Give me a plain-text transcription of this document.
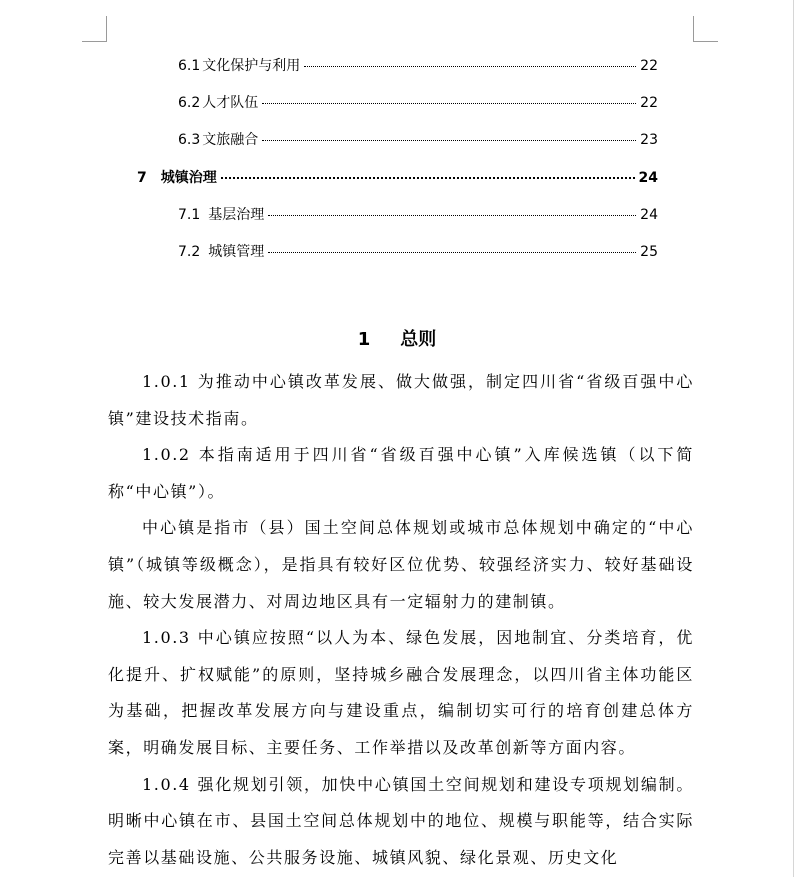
6.1 文化保护与利用	22
6.2 人才队伍	22
6.3 文旅融合	23
7 城镇治理	24
7.1 基层治理	24
7.2 城镇管理	25
1 总则

1.0.1 为推动中心镇改革发展、做大做强，制定四川省“省级百强中心镇”建设技术指南。

1.0.2 本指南适用于四川省“省级百强中心镇”入库候选镇（以下简称“中心镇”）。

中心镇是指市（县）国土空间总体规划或城市总体规划中确定的“中心镇”（城镇等级概念），是指具有较好区位优势、较强经济实力、较好基础设施、较大发展潜力、对周边地区具有一定辐射力的建制镇。

1.0.3 中心镇应按照“以人为本、绿色发展，因地制宜、分类培育，优化提升、扩权赋能”的原则，坚持城乡融合发展理念，以四川省主体功能区为基础，把握改革发展方向与建设重点，编制切实可行的培育创建总体方案，明确发展目标、主要任务、工作举措以及改革创新等方面内容。

1.0.4 强化规划引领，加快中心镇国土空间规划和建设专项规划编制。明晰中心镇在市、县国土空间总体规划中的地位、规模与职能等，结合实际完善以基础设施、公共服务设施、城镇风貌、绿化景观、历史文化
